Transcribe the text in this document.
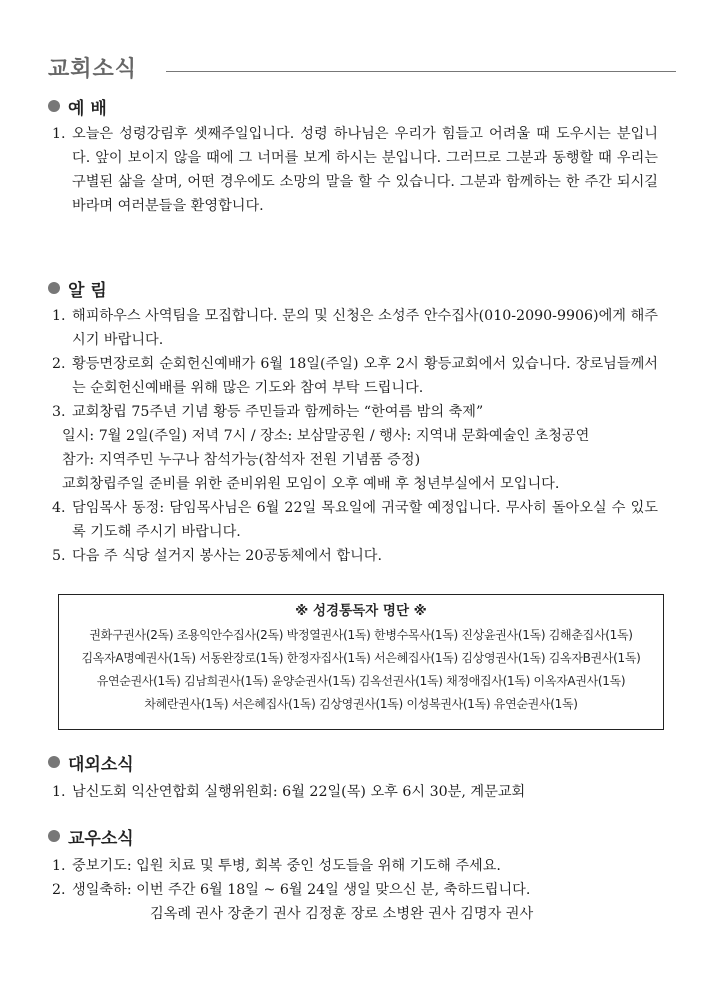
교회소식
예 배
1. 오늘은 성령강림후 셋째주일입니다. 성령 하나님은 우리가 힘들고 어려울 때 도우시는 분입니다. 앞이 보이지 않을 때에 그 너머를 보게 하시는 분입니다. 그러므로 그분과 동행할 때 우리는 구별된 삶을 살며, 어떤 경우에도 소망의 말을 할 수 있습니다. 그분과 함께하는 한 주간 되시길 바라며 여러분들을 환영합니다.
알 림
1. 해피하우스 사역팀을 모집합니다. 문의 및 신청은 소성주 안수집사(010-2090-9906)에게 해주시기 바랍니다.
2. 황등면장로회 순회헌신예배가 6월 18일(주일) 오후 2시 황등교회에서 있습니다. 장로님들께서는 순회헌신예배를 위해 많은 기도와 참여 부탁 드립니다.
3. 교회창립 75주년 기념 황등 주민들과 함께하는 “한여름 밤의 축제”
일시: 7월 2일(주일) 저녁 7시 / 장소: 보삼말공원 / 행사: 지역내 문화예술인 초청공연
참가: 지역주민 누구나 참석가능(참석자 전원 기념품 증정)
교회창립주일 준비를 위한 준비위원 모임이 오후 예배 후 청년부실에서 모입니다.
4. 담임목사 동정: 담임목사님은 6월 22일 목요일에 귀국할 예정입니다. 무사히 돌아오실 수 있도록 기도해 주시기 바랍니다.
5. 다음 주 식당 설거지 봉사는 20공동체에서 합니다.
※ 성경통독자 명단 ※
권화구권사(2독) 조용익안수집사(2독) 박정열권사(1독) 한병수목사(1독) 진상윤권사(1독) 김해춘집사(1독)
김옥자A명예권사(1독) 서동완장로(1독) 한정자집사(1독) 서은혜집사(1독) 김상영권사(1독) 김옥자B권사(1독)
유연순권사(1독) 김남희권사(1독) 윤양순권사(1독) 김옥선권사(1독) 채정애집사(1독) 이옥자A권사(1독)
차혜란권사(1독) 서은혜집사(1독) 김상영권사(1독) 이성복권사(1독) 유연순권사(1독)
대외소식
1. 남신도회 익산연합회 실행위원회: 6월 22일(목) 오후 6시 30분, 계문교회
교우소식
1. 중보기도: 입원 치료 및 투병, 회복 중인 성도들을 위해 기도해 주세요.
2. 생일축하: 이번 주간 6월 18일 ~ 6월 24일 생일 맞으신 분, 축하드립니다.
김옥례 권사 장춘기 권사 김정훈 장로 소병완 권사 김명자 권사
